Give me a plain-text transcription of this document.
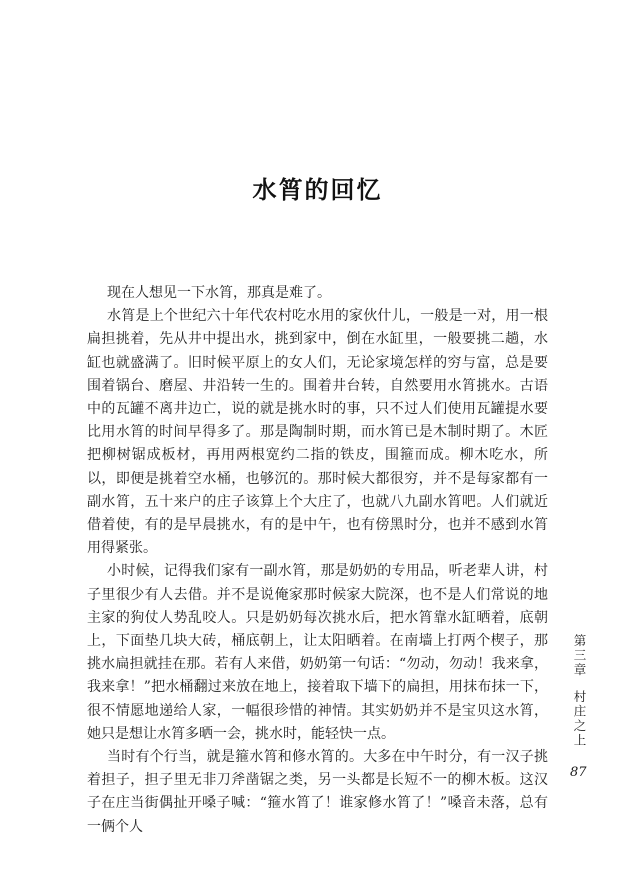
水筲的回忆

现在人想见一下水筲，那真是难了。

水筲是上个世纪六十年代农村吃水用的家伙什儿，一般是一对，用一根扁担挑着，先从井中提出水，挑到家中，倒在水缸里，一般要挑二趟，水缸也就盛满了。旧时候平原上的女人们，无论家境怎样的穷与富，总是要围着锅台、磨屋、井沿转一生的。围着井台转，自然要用水筲挑水。古语中的瓦罐不离井边亡，说的就是挑水时的事，只不过人们使用瓦罐提水要比用水筲的时间早得多了。那是陶制时期，而水筲已是木制时期了。木匠把柳树锯成板材，再用两根宽约二指的铁皮，围箍而成。柳木吃水，所以，即便是挑着空水桶，也够沉的。那时候大都很穷，并不是每家都有一副水筲，五十来户的庄子该算上个大庄了，也就八九副水筲吧。人们就近借着使，有的是早晨挑水，有的是中午，也有傍黑时分，也并不感到水筲用得紧张。

小时候，记得我们家有一副水筲，那是奶奶的专用品，听老辈人讲，村子里很少有人去借。并不是说俺家那时候家大院深，也不是人们常说的地主家的狗仗人势乱咬人。只是奶奶每次挑水后，把水筲靠水缸晒着，底朝上，下面垫几块大砖，桶底朝上，让太阳晒着。在南墙上打两个楔子，那挑水扁担就挂在那。若有人来借，奶奶第一句话：“勿动，勿动！我来拿，我来拿！”把水桶翻过来放在地上，接着取下墙下的扁担，用抹布抹一下，很不情愿地递给人家，一幅很珍惜的神情。其实奶奶并不是宝贝这水筲，她只是想让水筲多晒一会，挑水时，能轻快一点。

当时有个行当，就是箍水筲和修水筲的。大多在中午时分，有一汉子挑着担子，担子里无非刀斧凿锯之类，另一头都是长短不一的柳木板。这汉子在庄当街偶扯开嗓子喊：“箍水筲了！谁家修水筲了！”嗓音未落，总有一俩个人

第三章
村庄之上
87
